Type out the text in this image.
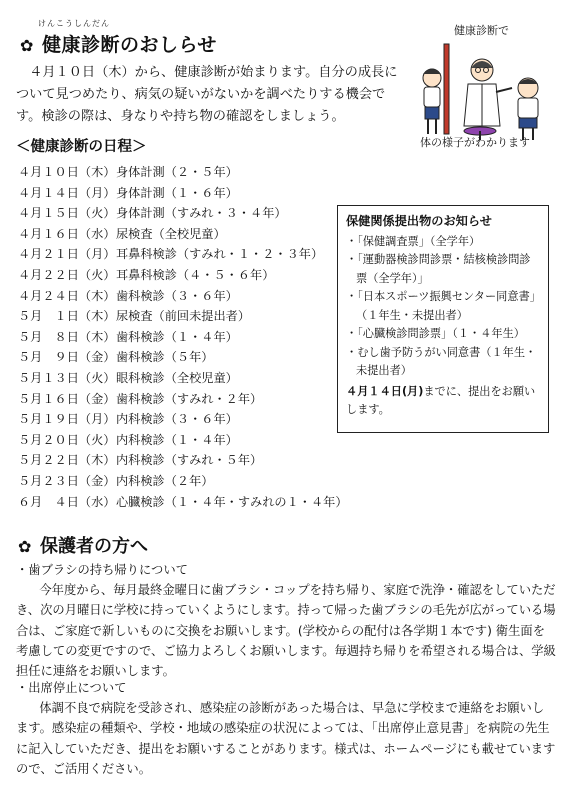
けんこうしんだん
✿ 健康診断のおしらせ

４月１０日（木）から、健康診断が始まります。自分の成長について見つめたり、病気の疑いがないかを調べたりする機会です。検診の際は、身なりや持ち物の確認をしましょう。

健康診断で
体の様子がわかります
＜健康診断の日程＞
４月１０日（木） 身体計測（２・５年）
４月１４日（月） 身体計測（１・６年）
４月１５日（火） 身体計測（すみれ・３・４年）
４月１６日（水） 尿検査（全校児童）
４月２１日（月） 耳鼻科検診（すみれ・１・２・３年）
４月２２日（火） 耳鼻科検診（４・５・６年）
４月２４日（木） 歯科検診（３・６年）
５月　１日（木） 尿検査（前回未提出者）
５月　８日（木） 歯科検診（１・４年）
５月　９日（金） 歯科検診（５年）
５月１３日（火） 眼科検診（全校児童）
５月１６日（金） 歯科検診（すみれ・２年）
５月１９日（月） 内科検診（３・６年）
５月２０日（火） 内科検診（１・４年）
５月２２日（木） 内科検診（すみれ・５年）
５月２３日（金） 内科検診（２年）
６月　４日（水） 心臓検診（１・４年・すみれの１・４年）
保健関係提出物のお知らせ
・「保健調査票」（全学年）
・「運動器検診問診票・結核検診問診票（全学年）」
・「日本スポーツ振興センター同意書」（１年生・未提出者）
・「心臓検診問診票」（１・４年生）
・むし歯予防うがい同意書（１年生・未提出者）
４月１４日(月)までに、提出をお願いします。
✿ 保護者の方へ
・歯ブラシの持ち帰りについて
今年度から、毎月最終金曜日に歯ブラシ・コップを持ち帰り、家庭で洗浄・確認をしていただき、次の月曜日に学校に持っていくようにします。持って帰った歯ブラシの毛先が広がっている場合は、ご家庭で新しいものに交換をお願いします。(学校からの配付は各学期１本です) 衛生面を考慮しての変更ですので、ご協力よろしくお願いします。毎週持ち帰りを希望される場合は、学級担任に連絡をお願いします。
・出席停止について
体調不良で病院を受診され、感染症の診断があった場合は、早急に学校まで連絡をお願いします。感染症の種類や、学校・地域の感染症の状況によっては、「出席停止意見書」を病院の先生に記入していただき、提出をお願いすることがあります。様式は、ホームページにも載せていますので、ご活用ください。
